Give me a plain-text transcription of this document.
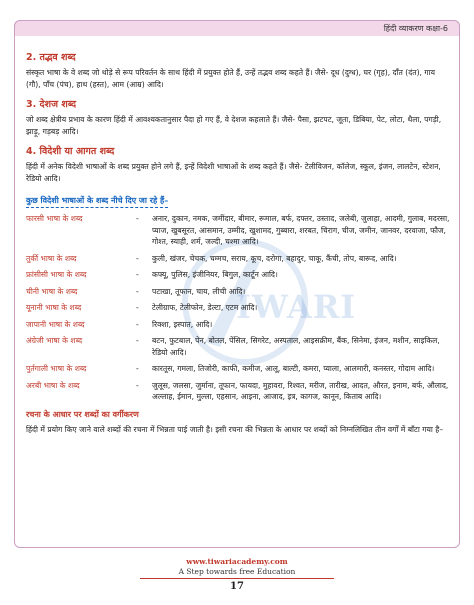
हिंदी व्याकरण कक्षा-6
IWARI
2. तद्भव शब्द
संस्कृत भाषा के वे शब्द जो थोड़े से रूप परिवर्तन के साथ हिंदी में प्रयुक्त होते हैं, उन्हें तद्भव शब्द कहते हैं। जैसे- दूध (दुग्ध), घर (गृह), दाँत (दंत), गाय (गौ), पाँच (पंच), हाथ (हस्त), आम (आम्र) आदि।
3. देशज शब्द
जो शब्द क्षेत्रीय प्रभाव के कारण हिंदी में आवश्यकतानुसार पैदा हो गए हैं, वे देशज कहलाते हैं। जैसे- पैसा, झटपट, जूता, डिबिया, पेट, लोटा, थैला, पगड़ी, झाड़ू, गड़बड़ आदि।
4. विदेशी या आगत शब्द
हिंदी में अनेक विदेशी भाषाओं के शब्द प्रयुक्त होने लगे हैं, इन्हें विदेशी भाषाओं के शब्द कहते हैं। जैसे- टेलीविजन, कॉलेज, स्कूल, इंजन, लालटेन, स्टेशन, रेडियो आदि।
कुछ विदेशी भाषाओं के शब्द नीचे दिए जा रहे हैं–
फारसी भाषा के शब्द	-	अनार, दुकान, नमक, जमींदार, बीमार, रूमाल, बर्फ, दफ्तर, उस्ताद, जलेबी, जुलाहा, आदमी, गुलाब, मदरसा, प्याज, खुबसूरत, आसमान, उम्मीद, खुशामद, गुब्बारा, शरबत, चिराग, चीज, जमीन, जानवर, दरवाजा, फौज, गोश्त, स्याही, शर्म, जल्दी, चश्मा आदि।
तुर्की भाषा के शब्द	-	कुली, खंजर, चेचक, चम्मच, सराय, कूच, दरोगा, बहादुर, चाकू, कैंची, तोप, बारूद, आदि।
फ्रांसीसी भाषा के शब्द	-	कफ्यू, पुलिस, इंजीनियर, बिगुल, कार्टून आदि।
चीनी भाषा के शब्द	-	पटाखा, तूफान, चाय, लीची आदि।
यूनानी भाषा के शब्द	-	टेलीग्राफ, टेलीफोन, डेल्टा, एटम आदि।
जापानी भाषा के शब्द	-	रिक्शा, इस्पात, आदि।
अंग्रेजी भाषा के शब्द	-	बटन, फुटबाल, पेन, बोतल, पेंसिल, सिगरेट, अस्पताल, आइसक्रीम, बैंक, सिनेमा, इंजन, मशीन, साइकिल, रेडियो आदि।
पुर्तगाली भाषा के शब्द	-	कारतूस, गमला, तिजोरी, काफी, कमीज, आलू, बाल्टी, कमरा, प्याला, आलमारी, कनस्तर, गोदाम आदि।
अरबी भाषा के शब्द	-	जुलूस, जलसा, जुर्माना, तूफान, फायदा, मुहावरा, रिश्वत, मरीज, तारीख, आदत, औरत, इनाम, बर्फ, औलाद, अल्लाह, ईमान, मुल्ला, एहसान, आइना, आजाद, इत्र, कागज, कानून, किताब आदि।
रचना के आधार पर शब्दों का वर्गीकरण
हिंदी में प्रयोग किए जाने वाले शब्दों की रचना में भिन्नता पाई जाती है। इसी रचना की भिन्नता के आधार पर शब्दों को निम्नलिखित तीन वर्गों में बाँटा गया है–
www.tiwariacademy.com
A Step towards free Education
17
